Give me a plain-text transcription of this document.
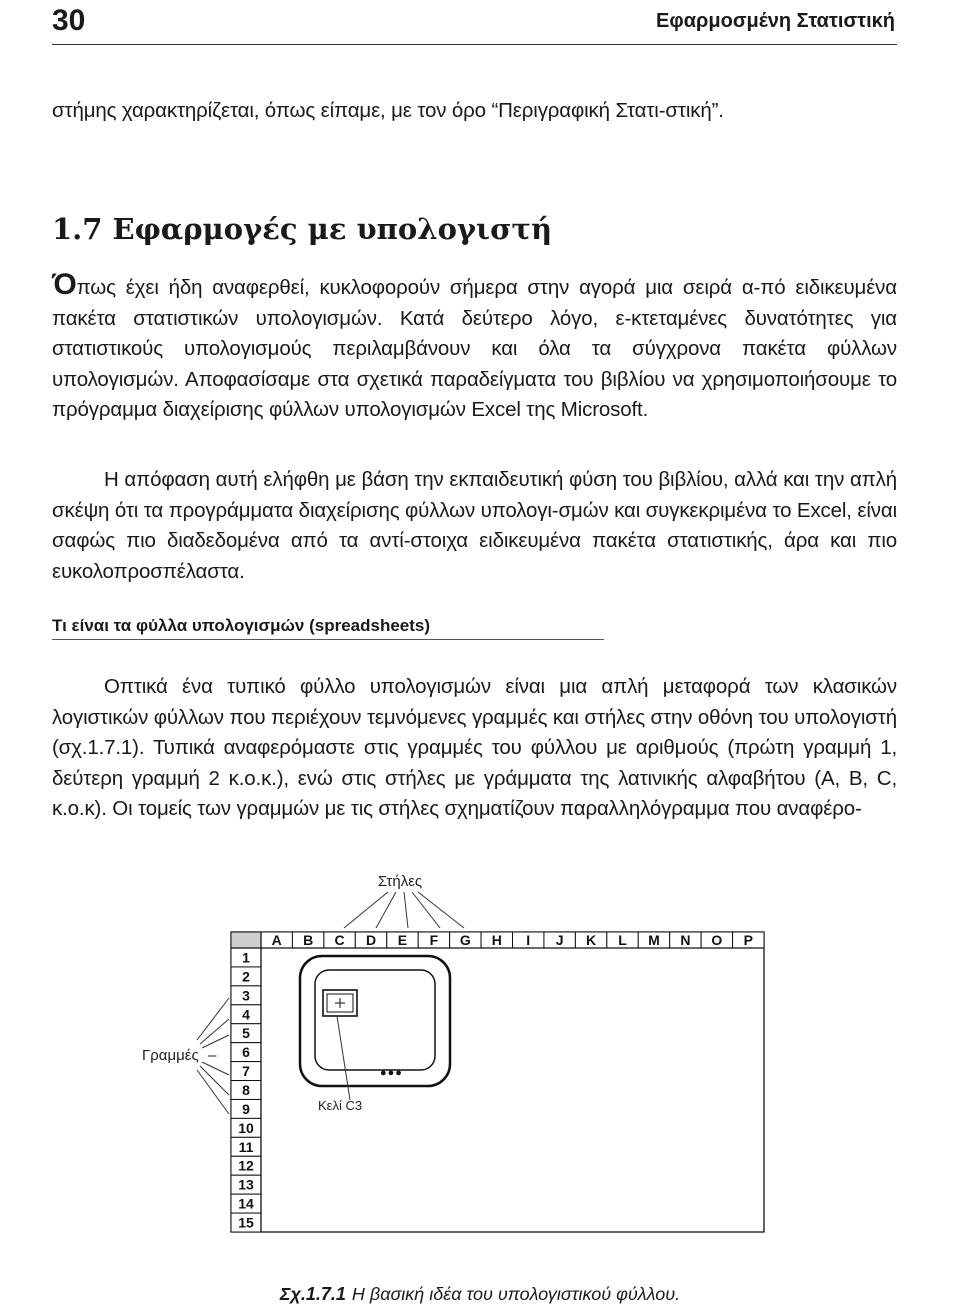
30	Εφαρμοσμένη Στατιστική

στήμης χαρακτηρίζεται, όπως είπαμε, με τον όρο “Περιγραφική Στατι-στική”.

1.7 Εφαρμογές με υπολογιστή

Όπως έχει ήδη αναφερθεί, κυκλοφορούν σήμερα στην αγορά μια σειρά α-πό ειδικευμένα πακέτα στατιστικών υπολογισμών. Κατά δεύτερο λόγο, ε-κτεταμένες δυνατότητες για στατιστικούς υπολογισμούς περιλαμβάνουν και όλα τα σύγχρονα πακέτα φύλλων υπολογισμών. Αποφασίσαμε στα σχετικά παραδείγματα του βιβλίου να χρησιμοποιήσουμε το πρόγραμμα διαχείρισης φύλλων υπολογισμών Excel της Microsoft.

Η απόφαση αυτή ελήφθη με βάση την εκπαιδευτική φύση του βιβλίου, αλλά και την απλή σκέψη ότι τα προγράμματα διαχείρισης φύλλων υπολογι-σμών και συγκεκριμένα το Excel, είναι σαφώς πιο διαδεδομένα από τα αντί-στοιχα ειδικευμένα πακέτα στατιστικής, άρα και πιο ευκολοπροσπέλαστα.

Τι είναι τα φύλλα υπολογισμών (spreadsheets)

Οπτικά ένα τυπικό φύλλο υπολογισμών είναι μια απλή μεταφορά των κλασικών λογιστικών φύλλων που περιέχουν τεμνόμενες γραμμές και στήλες στην οθόνη του υπολογιστή (σχ.1.7.1). Τυπικά αναφερόμαστε στις γραμμές του φύλλου με αριθμούς (πρώτη γραμμή 1, δεύτερη γραμμή 2 κ.ο.κ.), ενώ στις στήλες με γράμματα της λατινικής αλφαβήτου (A, B, C, κ.ο.κ). Οι τομείς των γραμμών με τις στήλες σχηματίζουν παραλληλόγραμμα που αναφέρο-

Στήλες
A B C D E F G H I J K L M N O P
1
2
3
4
5
6
7
8
9
10
11
12
13
14
15
●●●
Κελί C3
Γραμμές –
Σχ.1.7.1 Η βασική ιδέα του υπολογιστικού φύλλου.
